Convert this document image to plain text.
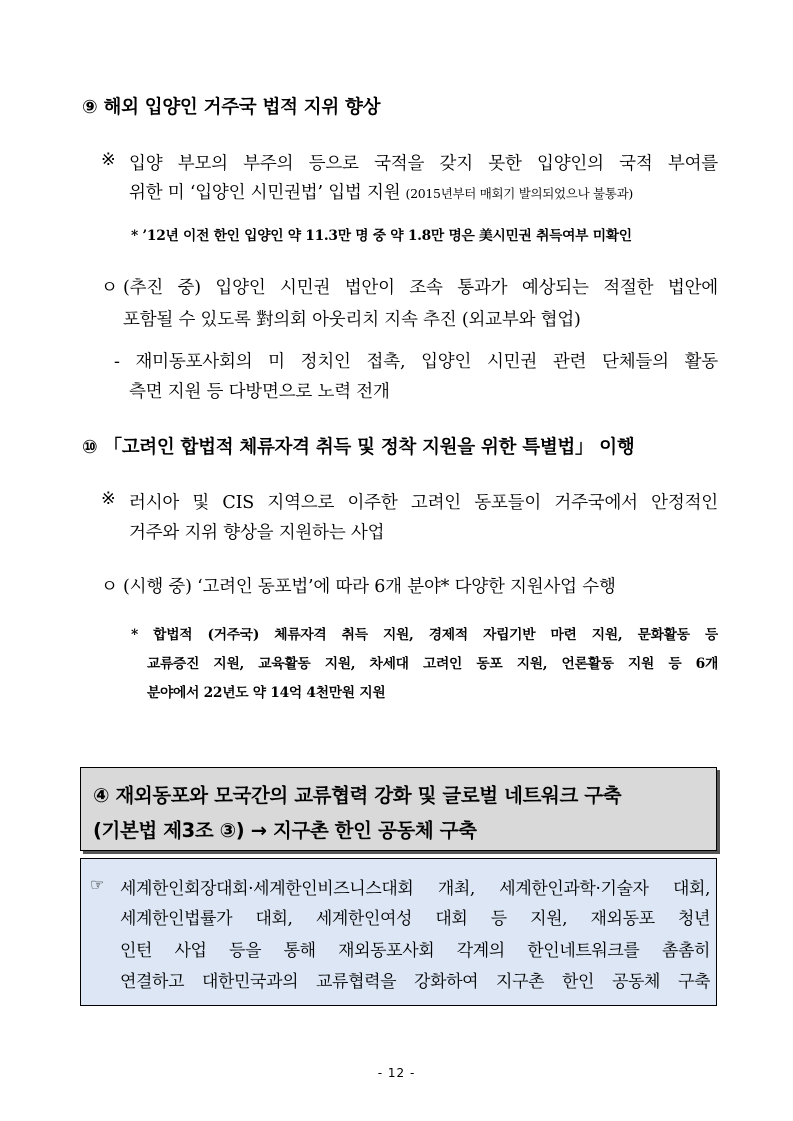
⑨ 해외 입양인 거주국 법적 지위 향상
※ 입양 부모의 부주의 등으로 국적을 갖지 못한 입양인의 국적 부여를
위한 미 ‘입양인 시민권법’ 입법 지원 (2015년부터 매회기 발의되었으나 불통과)
* ’12년 이전 한인 입양인 약 11.3만 명 중 약 1.8만 명은 美시민권 취득여부 미확인
ㅇ (추진 중) 입양인 시민권 법안이 조속 통과가 예상되는 적절한 법안에
포함될 수 있도록 對의회 아웃리치 지속 추진 (외교부와 협업)
- 재미동포사회의 미 정치인 접촉, 입양인 시민권 관련 단체들의 활동
측면 지원 등 다방면으로 노력 전개
⑩ 「고려인 합법적 체류자격 취득 및 정착 지원을 위한 특별법」 이행
※ 러시아 및 CIS 지역으로 이주한 고려인 동포들이 거주국에서 안정적인
거주와 지위 향상을 지원하는 사업
ㅇ (시행 중) ‘고려인 동포법’에 따라 6개 분야* 다양한 지원사업 수행
* 합법적 (거주국) 체류자격 취득 지원, 경제적 자립기반 마련 지원, 문화활동 등
교류증진 지원, 교육활동 지원, 차세대 고려인 동포 지원, 언론활동 지원 등 6개
분야에서 22년도 약 14억 4천만원 지원
④ 재외동포와 모국간의 교류협력 강화 및 글로벌 네트워크 구축
(기본법 제3조 ③) → 지구촌 한인 공동체 구축
☞ 세계한인회장대회·세계한인비즈니스대회 개최, 세계한인과학·기술자 대회,
세계한인법률가 대회, 세계한인여성 대회 등 지원, 재외동포 청년
인턴 사업 등을 통해 재외동포사회 각계의 한인네트워크를 촘촘히
연결하고 대한민국과의 교류협력을 강화하여 지구촌 한인 공동체 구축
- 12 -
